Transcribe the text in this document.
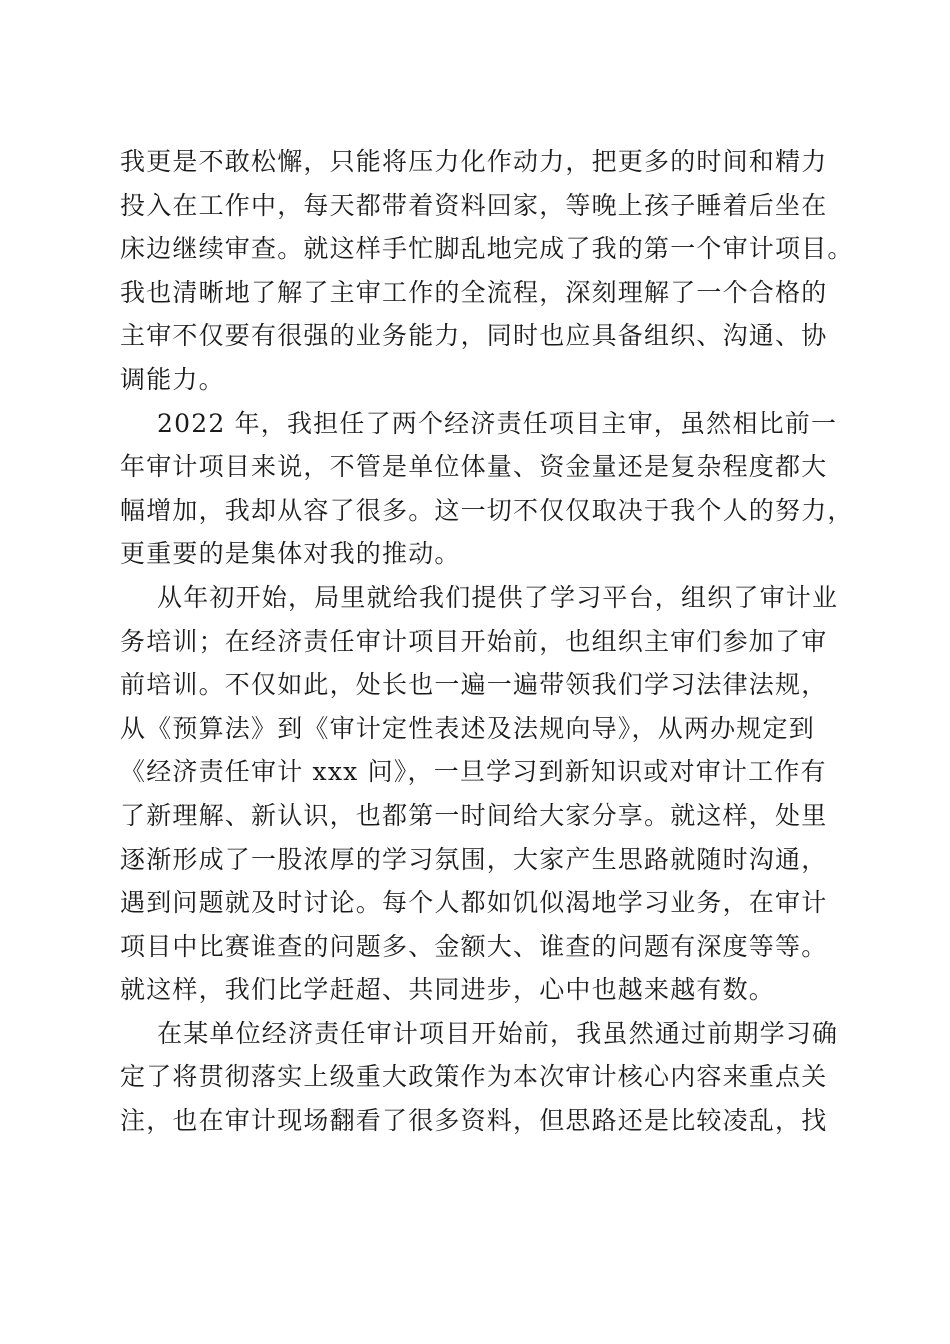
我更是不敢松懈，只能将压力化作动力，把更多的时间和精力
投入在工作中，每天都带着资料回家，等晚上孩子睡着后坐在
床边继续审查。就这样手忙脚乱地完成了我的第一个审计项目。
我也清晰地了解了主审工作的全流程，深刻理解了一个合格的
主审不仅要有很强的业务能力，同时也应具备组织、沟通、协
调能力。
2022 年，我担任了两个经济责任项目主审，虽然相比前一
年审计项目来说，不管是单位体量、资金量还是复杂程度都大
幅增加，我却从容了很多。这一切不仅仅取决于我个人的努力，
更重要的是集体对我的推动。
从年初开始，局里就给我们提供了学习平台，组织了审计业
务培训；在经济责任审计项目开始前，也组织主审们参加了审
前培训。不仅如此，处长也一遍一遍带领我们学习法律法规，
从《预算法》到《审计定性表述及法规向导》，从两办规定到
《经济责任审计 xxx 问》，一旦学习到新知识或对审计工作有
了新理解、新认识，也都第一时间给大家分享。就这样，处里
逐渐形成了一股浓厚的学习氛围，大家产生思路就随时沟通，
遇到问题就及时讨论。每个人都如饥似渴地学习业务，在审计
项目中比赛谁查的问题多、金额大、谁查的问题有深度等等。
就这样，我们比学赶超、共同进步，心中也越来越有数。
在某单位经济责任审计项目开始前，我虽然通过前期学习确
定了将贯彻落实上级重大政策作为本次审计核心内容来重点关
注，也在审计现场翻看了很多资料，但思路还是比较凌乱，找
